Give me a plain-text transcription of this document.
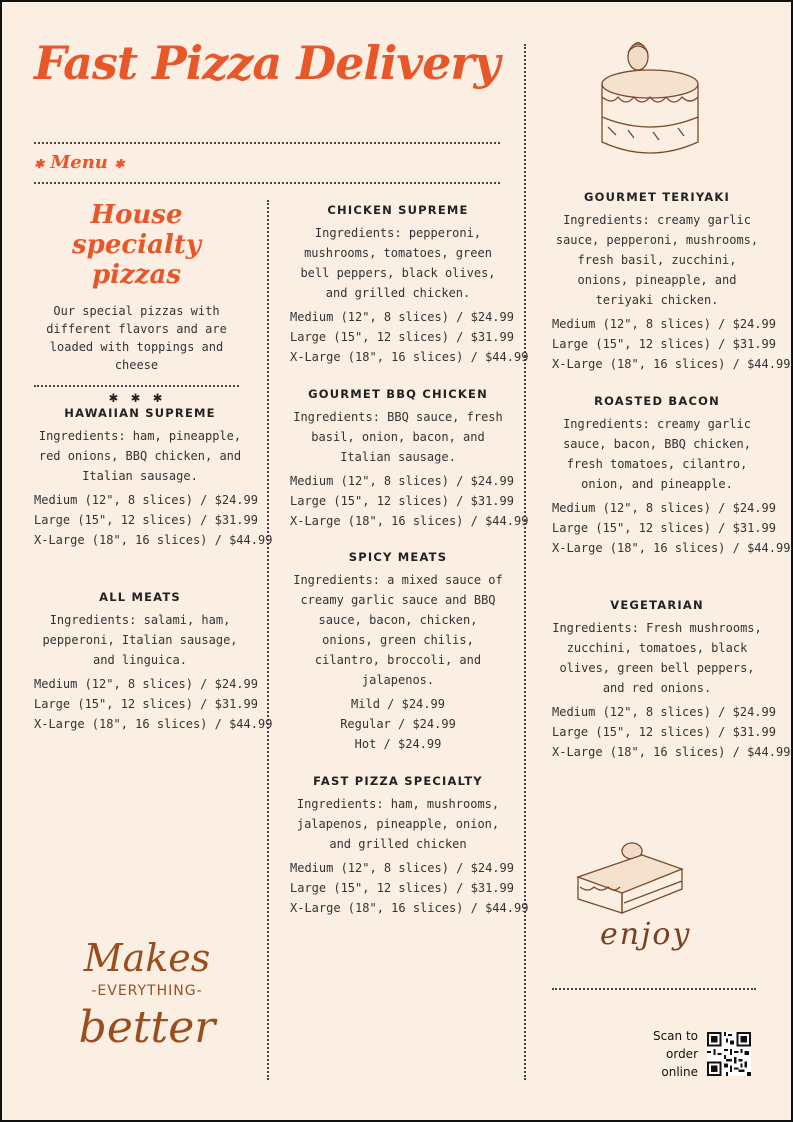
Fast Pizza Delivery
✱ Menu ✱

House specialty

pizzas

Our special pizzas with different flavors and are loaded with toppings and cheese

✱ ✱ ✱

HAWAIIAN SUPREME

Ingredients: ham, pineapple, red onions, BBQ chicken, and Italian sausage.

Medium (12", 8 slices) / $24.99

Large (15", 12 slices) / $31.99

X-Large (18", 16 slices) / $44.99

ALL MEATS

Ingredients: salami, ham, pepperoni, Italian sausage, and linguica.

Medium (12", 8 slices) / $24.99

Large (15", 12 slices) / $31.99

X-Large (18", 16 slices) / $44.99

Makes
-EVERYTHING-
better

CHICKEN SUPREME

Ingredients: pepperoni, mushrooms, tomatoes, green bell peppers, black olives, and grilled chicken.

Medium (12", 8 slices) / $24.99

Large (15", 12 slices) / $31.99

X-Large (18", 16 slices) / $44.99

GOURMET BBQ CHICKEN

Ingredients: BBQ sauce, fresh basil, onion, bacon, and Italian sausage.

Medium (12", 8 slices) / $24.99

Large (15", 12 slices) / $31.99

X-Large (18", 16 slices) / $44.99

SPICY MEATS

Ingredients: a mixed sauce of creamy garlic sauce and BBQ sauce, bacon, chicken, onions, green chilis, cilantro, broccoli, and jalapenos.

Mild / $24.99

Regular / $24.99

Hot / $24.99

FAST PIZZA SPECIALTY

Ingredients: ham, mushrooms, jalapenos, pineapple, onion, and grilled chicken

Medium (12", 8 slices) / $24.99

Large (15", 12 slices) / $31.99

X-Large (18", 16 slices) / $44.99

GOURMET TERIYAKI

Ingredients: creamy garlic sauce, pepperoni, mushrooms, fresh basil, zucchini, onions, pineapple, and teriyaki chicken.

Medium (12", 8 slices) / $24.99

Large (15", 12 slices) / $31.99

X-Large (18", 16 slices) / $44.99

ROASTED BACON

Ingredients: creamy garlic sauce, bacon, BBQ chicken, fresh tomatoes, cilantro, onion, and pineapple.

Medium (12", 8 slices) / $24.99

Large (15", 12 slices) / $31.99

X-Large (18", 16 slices) / $44.99

VEGETARIAN

Ingredients: Fresh mushrooms, zucchini, tomatoes, black olives, green bell peppers, and red onions.

Medium (12", 8 slices) / $24.99

Large (15", 12 slices) / $31.99

X-Large (18", 16 slices) / $44.99

enjoy
Scan to
order
online
